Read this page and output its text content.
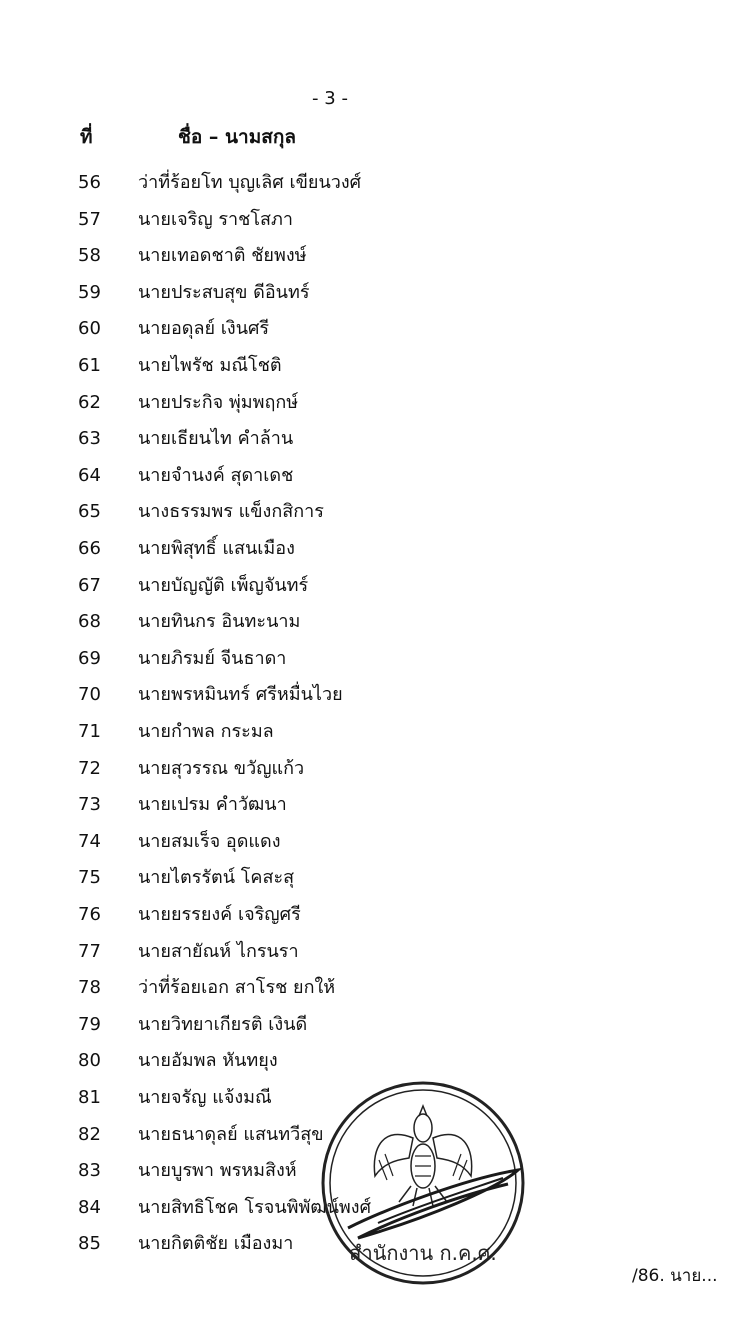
- 3 -
ที่	ชื่อ – นามสกุล
56	ว่าที่ร้อยโท บุญเลิศ เขียนวงศ์
57	นายเจริญ ราชโสภา
58	นายเทอดชาติ ชัยพงษ์
59	นายประสบสุข ดีอินทร์
60	นายอดุลย์ เงินศรี
61	นายไพรัช มณีโชติ
62	นายประกิจ พุ่มพฤกษ์
63	นายเธียนไท คำล้าน
64	นายจำนงค์ สุดาเดช
65	นางธรรมพร แข็งกสิการ
66	นายพิสุทธิ์ แสนเมือง
67	นายบัญญัติ เพ็ญจันทร์
68	นายทินกร อินทะนาม
69	นายภิรมย์ จีนธาดา
70	นายพรหมินทร์ ศรีหมื่นไวย
71	นายกำพล กระมล
72	นายสุวรรณ ขวัญแก้ว
73	นายเปรม คำวัฒนา
74	นายสมเร็จ อุดแดง
75	นายไตรรัตน์ โคสะสุ
76	นายยรรยงค์ เจริญศรี
77	นายสายัณห์ ไกรนรา
78	ว่าที่ร้อยเอก สาโรช ยกให้
79	นายวิทยาเกียรติ เงินดี
80	นายอัมพล หันทยุง
81	นายจรัญ แจ้งมณี
82	นายธนาดุลย์ แสนทวีสุข
83	นายบูรพา พรหมสิงห์
84	นายสิทธิโชค โรจนพิพัฒน์พงศ์
85	นายกิตติชัย เมืองมา	สำนักงาน ก.ค.ศ.
/86. นาย...
